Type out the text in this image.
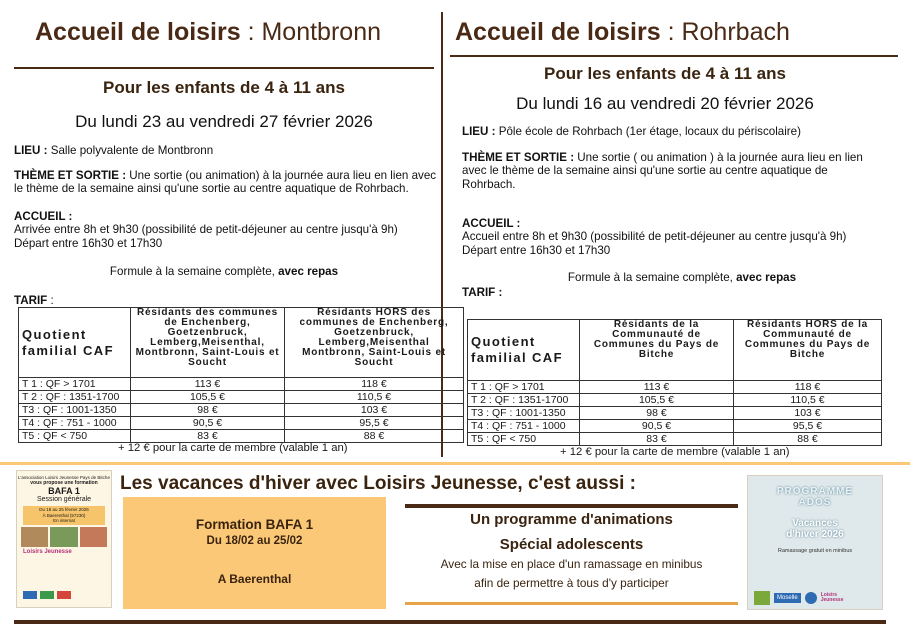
Accueil de loisirs : Montbronn
Pour les enfants de 4 à 11 ans
Du lundi 23 au vendredi 27 février 2026
LIEU : Salle polyvalente de Montbronn
THÈME ET SORTIE : Une sortie (ou animation) à la journée aura lieu en lien avec
le thème de la semaine ainsi qu'une sortie au centre aquatique de Rohrbach.
ACCUEIL :
Arrivée entre 8h et 9h30 (possibilité de petit-déjeuner au centre jusqu'à 9h)
Départ entre 16h30 et 17h30
Formule à la semaine complète, avec repas
TARIF :
Quotient familial CAF	Résidants des communes de Enchenberg, Goetzenbruck, Lemberg,Meisenthal, Montbronn, Saint-Louis et Soucht	Résidants HORS des communes de Enchenberg, Goetzenbruck, Lemberg,Meisenthal Montbronn, Saint-Louis et Soucht
T 1 : QF > 1701	113 €	118 €
T 2 : QF : 1351-1700	105,5 €	110,5 €
T3 : QF : 1001-1350	98 €	103 €
T4 : QF : 751 - 1000	90,5 €	95,5 €
T5 : QF < 750	83 €	88 €
+ 12 € pour la carte de membre (valable 1 an)
Accueil de loisirs : Rohrbach
Pour les enfants de 4 à 11 ans
Du lundi 16 au vendredi 20 février 2026
LIEU : Pôle école de Rohrbach (1er étage, locaux du périscolaire)
THÈME ET SORTIE : Une sortie ( ou animation ) à la journée aura lieu en lien
avec le thème de la semaine ainsi qu'une sortie au centre aquatique de
Rohrbach.
ACCUEIL :
Accueil entre 8h et 9h30 (possibilité de petit-déjeuner au centre jusqu'à 9h)
Départ entre 16h30 et 17h30
Formule à la semaine complète, avec repas
TARIF :
Quotient familial CAF	Résidants de la Communauté de Communes du Pays de Bitche	Résidants HORS de la Communauté de Communes du Pays de Bitche
T 1 : QF > 1701	113 €	118 €
T 2 : QF : 1351-1700	105,5 €	110,5 €
T3 : QF : 1001-1350	98 €	103 €
T4 : QF : 751 - 1000	90,5 €	95,5 €
T5 : QF < 750	83 €	88 €
+ 12 € pour la carte de membre (valable 1 an)
Les vacances d'hiver avec Loisirs Jeunesse, c'est aussi :
L'association Loisirs Jeunesse Pays de Bitche
vous propose une formation
BAFA 1
Session générale
Du 18 au 25 février 2026
À Baerenthal (57230)
En internat
Loisirs Jeunesse
Formation BAFA 1
Du 18/02 au 25/02
A Baerenthal
Un programme d'animations
Spécial adolescents
Avec la mise en place d'un ramassage en minibus
afin de permettre à tous d'y participer
PROGRAMME
ADOS
Vacances
d'hiver 2026
Ramassage gratuit en minibus
Moselle	Loisirs Jeunesse
